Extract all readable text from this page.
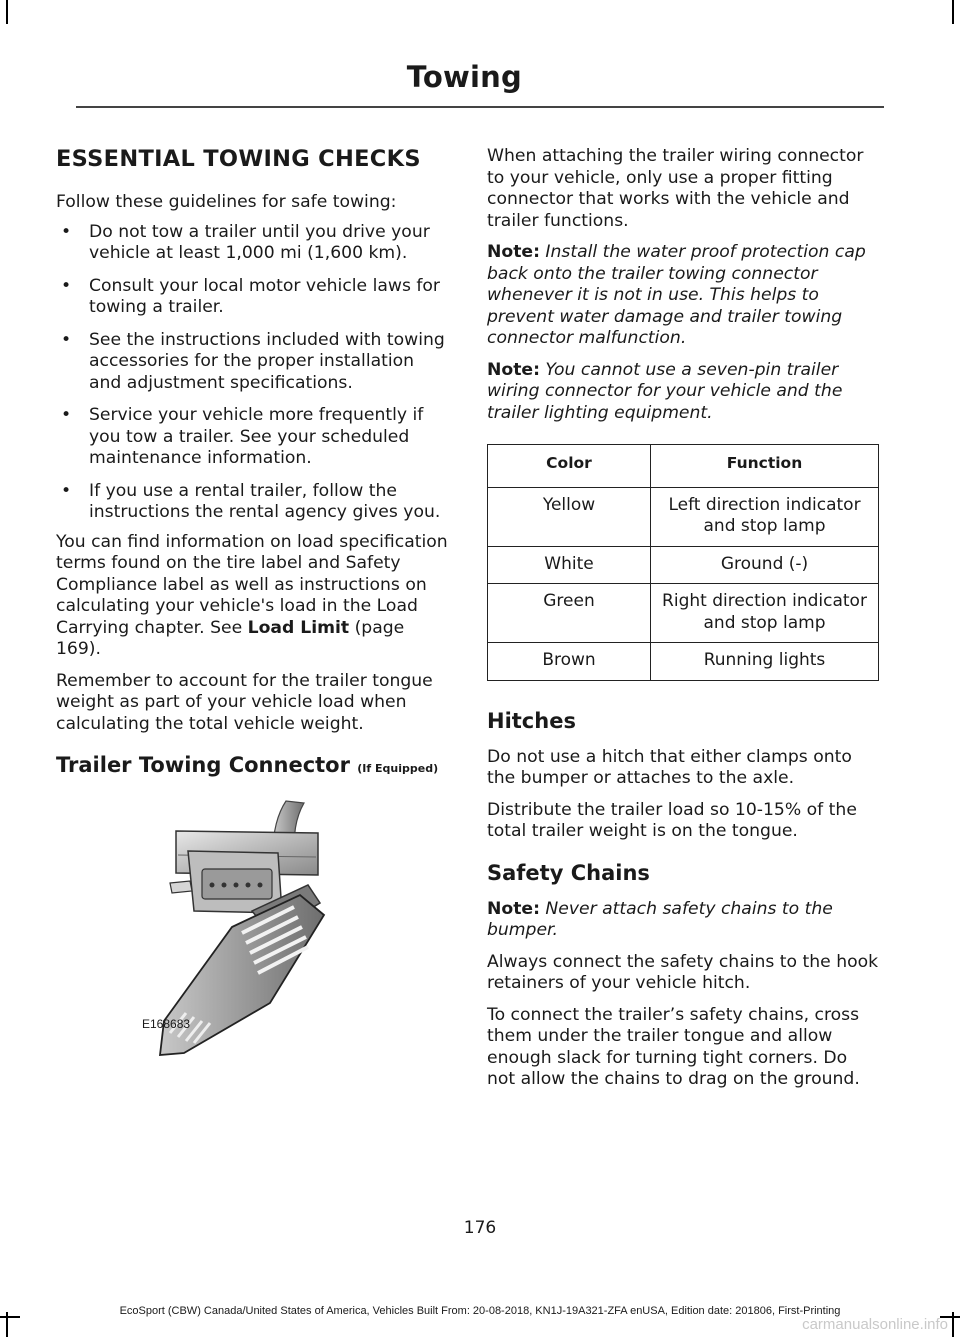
Towing
ESSENTIAL TOWING CHECKS

Follow these guidelines for safe towing:

• Do not tow a trailer until you drive your vehicle at least 1,000 mi (1,600 km).
• Consult your local motor vehicle laws for towing a trailer.
• See the instructions included with towing accessories for the proper installation and adjustment specifications.
• Service your vehicle more frequently if you tow a trailer. See your scheduled maintenance information.
• If you use a rental trailer, follow the instructions the rental agency gives you.

You can find information on load specification terms found on the tire label and Safety Compliance label as well as instructions on calculating your vehicle's load in the Load Carrying chapter. See Load Limit (page 169).

Remember to account for the trailer tongue weight as part of your vehicle load when calculating the total vehicle weight.

Trailer Towing Connector (If Equipped)
E168683

When attaching the trailer wiring connector to your vehicle, only use a proper fitting connector that works with the vehicle and trailer functions.

Note: Install the water proof protection cap back onto the trailer towing connector whenever it is not in use. This helps to prevent water damage and trailer towing connector malfunction.

Note: You cannot use a seven-pin trailer wiring connector for your vehicle and the trailer lighting equipment.

Color	Function
Yellow	Left direction indicator and stop lamp
White	Ground (-)
Green	Right direction indicator and stop lamp
Brown	Running lights
Hitches

Do not use a hitch that either clamps onto the bumper or attaches to the axle.

Distribute the trailer load so 10-15% of the total trailer weight is on the tongue.

Safety Chains

Note: Never attach safety chains to the bumper.

Always connect the safety chains to the hook retainers of your vehicle hitch.

To connect the trailer’s safety chains, cross them under the trailer tongue and allow enough slack for turning tight corners. Do not allow the chains to drag on the ground.

176
EcoSport (CBW) Canada/United States of America, Vehicles Built From: 20-08-2018, KN1J-19A321-ZFA enUSA, Edition date: 201806, First-Printing
carmanualsonline.info
